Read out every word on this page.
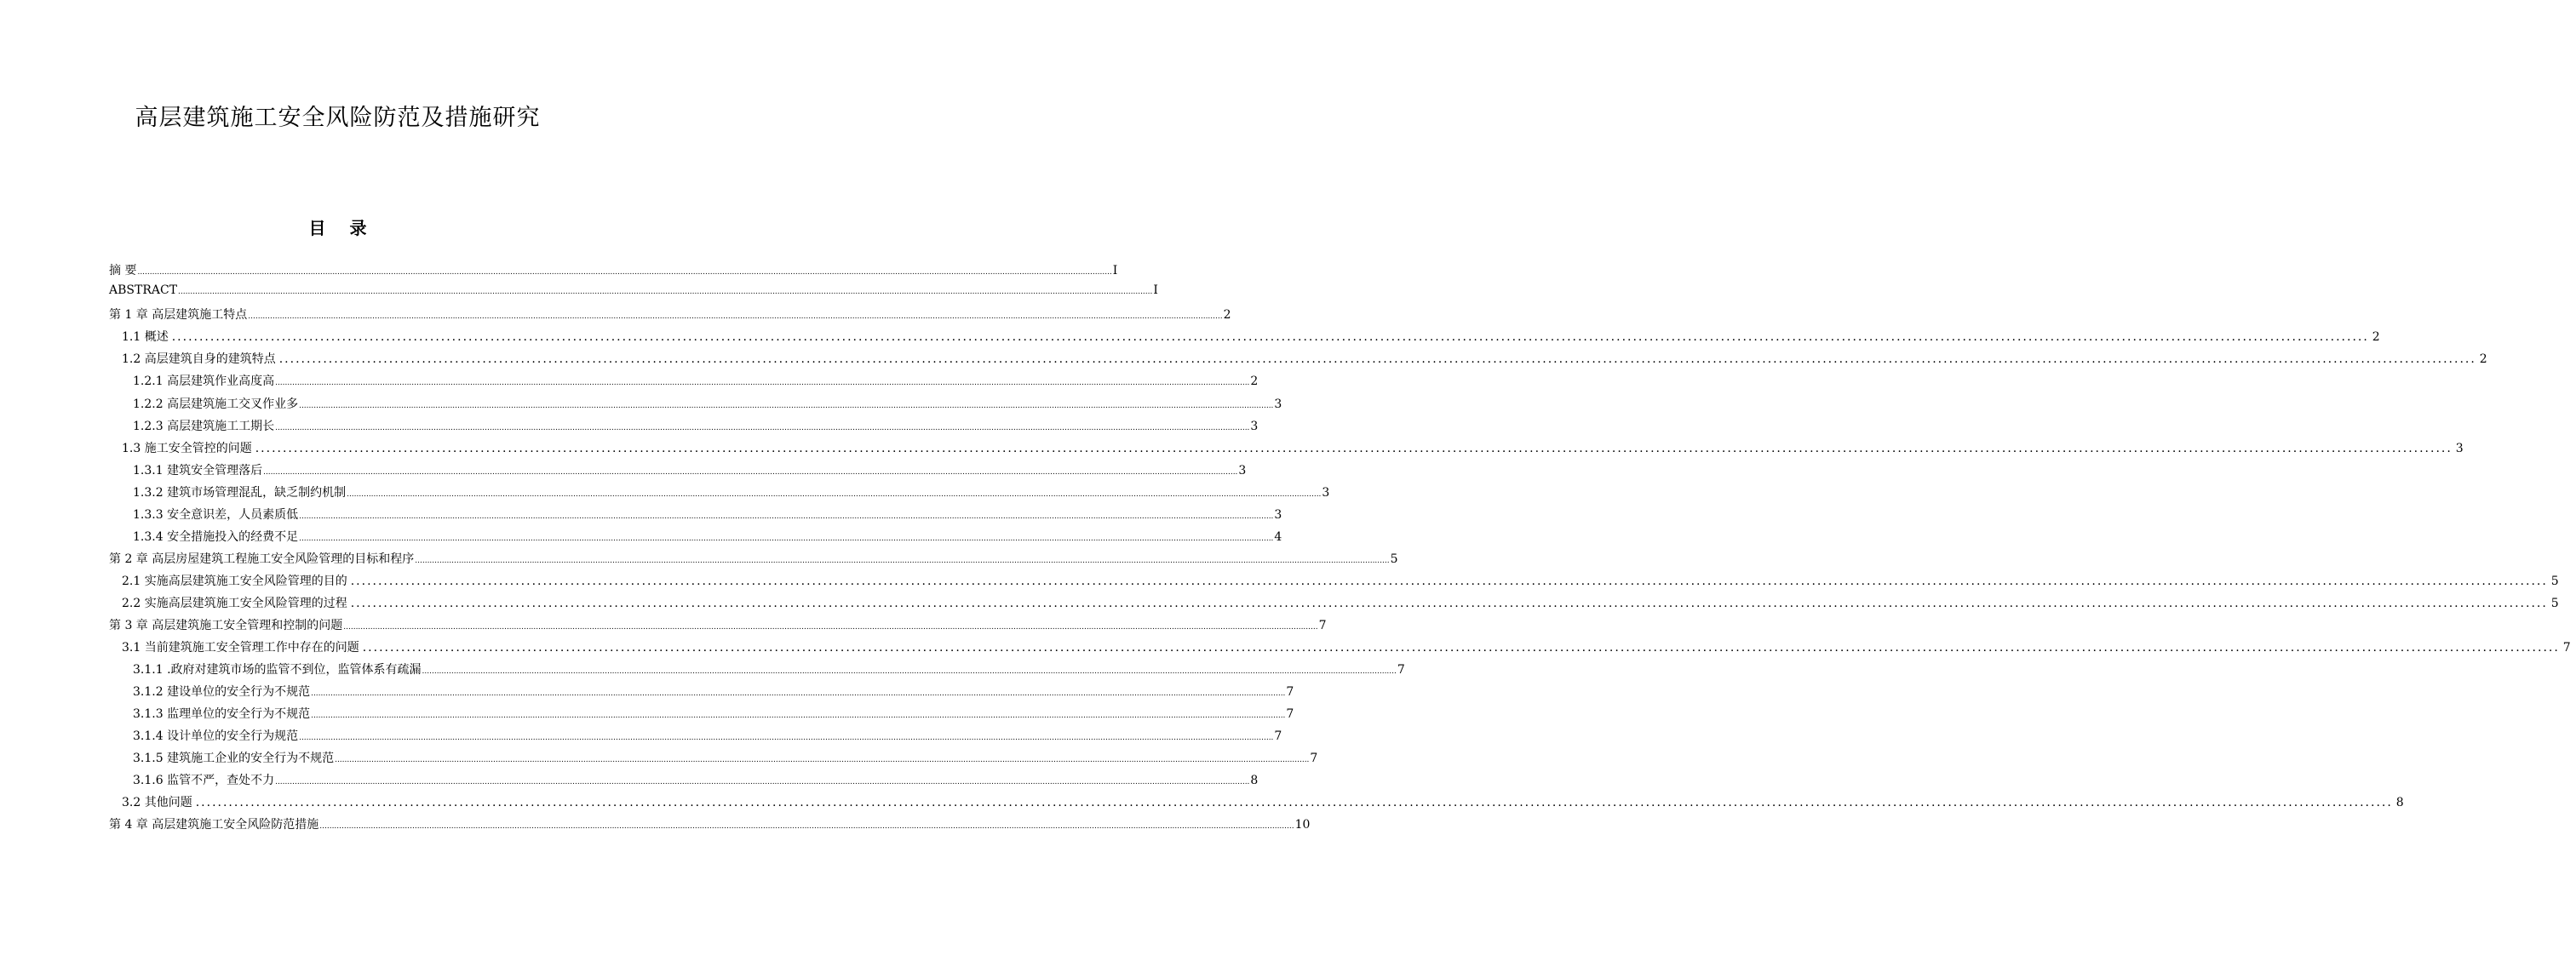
高层建筑施工安全风险防范及措施研究
目 录
摘 要 ................................................................................................................................................................................................................................................................................................................................................................................................................ I
ABSTRACT ................................................................................................................................................................................................................................................................................................................................................................................................................ I
第 1 章 高层建筑施工特点 ................................................................................................................................................................................................................................................................................................................................................................................................................ 2
1.1 概述 ................................................................................................................................................................................................................................................................................................................................................................................................................ 2
1.2 高层建筑自身的建筑特点 ................................................................................................................................................................................................................................................................................................................................................................................................................ 2
1.2.1 高层建筑作业高度高 ................................................................................................................................................................................................................................................................................................................................................................................................................ 2
1.2.2 高层建筑施工交叉作业多 ................................................................................................................................................................................................................................................................................................................................................................................................................ 3
1.2.3 高层建筑施工工期长 ................................................................................................................................................................................................................................................................................................................................................................................................................ 3
1.3 施工安全管控的问题 ................................................................................................................................................................................................................................................................................................................................................................................................................ 3
1.3.1 建筑安全管理落后 ................................................................................................................................................................................................................................................................................................................................................................................................................ 3
1.3.2 建筑市场管理混乱，缺乏制约机制 ................................................................................................................................................................................................................................................................................................................................................................................................................ 3
1.3.3 安全意识差，人员素质低 ................................................................................................................................................................................................................................................................................................................................................................................................................ 3
1.3.4 安全措施投入的经费不足 ................................................................................................................................................................................................................................................................................................................................................................................................................ 4
第 2 章 高层房屋建筑工程施工安全风险管理的目标和程序 ................................................................................................................................................................................................................................................................................................................................................................................................................ 5
2.1 实施高层建筑施工安全风险管理的目的 ................................................................................................................................................................................................................................................................................................................................................................................................................ 5
2.2 实施高层建筑施工安全风险管理的过程 ................................................................................................................................................................................................................................................................................................................................................................................................................ 5
第 3 章 高层建筑施工安全管理和控制的问题 ................................................................................................................................................................................................................................................................................................................................................................................................................ 7
3.1 当前建筑施工安全管理工作中存在的问题 ................................................................................................................................................................................................................................................................................................................................................................................................................ 7
3.1.1 .政府对建筑市场的监管不到位，监管体系有疏漏 ................................................................................................................................................................................................................................................................................................................................................................................................................ 7
3.1.2 建设单位的安全行为不规范 ................................................................................................................................................................................................................................................................................................................................................................................................................ 7
3.1.3 监理单位的安全行为不规范 ................................................................................................................................................................................................................................................................................................................................................................................................................ 7
3.1.4 设计单位的安全行为规范 ................................................................................................................................................................................................................................................................................................................................................................................................................ 7
3.1.5 建筑施工企业的安全行为不规范 ................................................................................................................................................................................................................................................................................................................................................................................................................ 7
3.1.6 监管不严，查处不力 ................................................................................................................................................................................................................................................................................................................................................................................................................ 8
3.2 其他问题 ................................................................................................................................................................................................................................................................................................................................................................................................................ 8
第 4 章 高层建筑施工安全风险防范措施 ................................................................................................................................................................................................................................................................................................................................................................................................................ 10
